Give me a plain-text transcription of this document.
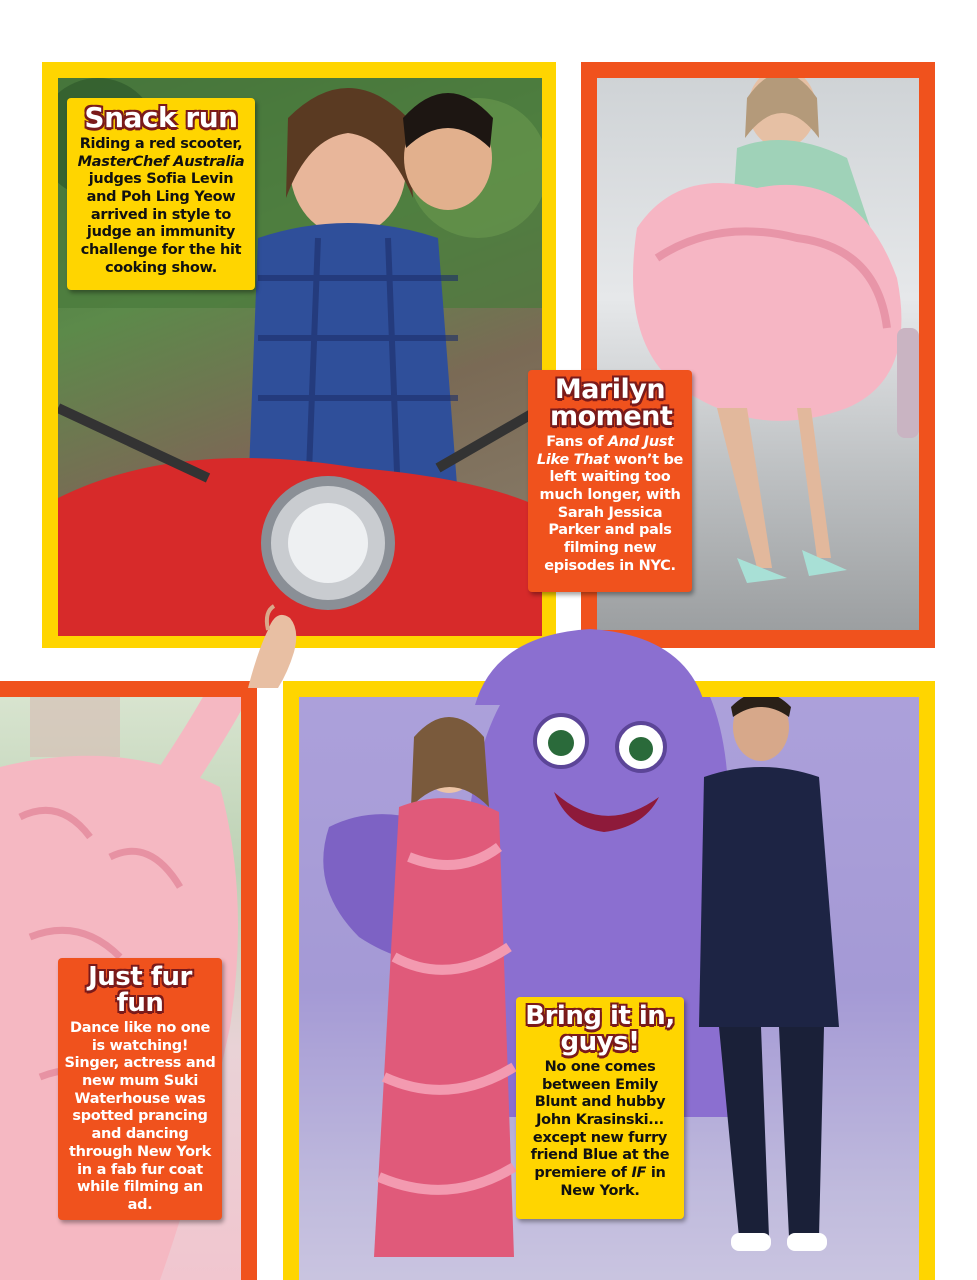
Snack run
Riding a red scooter, MasterChef Australia judges Sofia Levin and Poh Ling Yeow arrived in style to judge an immunity challenge for the hit cooking show.
Marilyn moment
Fans of And Just Like That won’t be left waiting too much longer, with Sarah Jessica Parker and pals filming new episodes in NYC.
Just fur fun
Dance like no one is watching! Singer, actress and new mum Suki Waterhouse was spotted prancing and dancing through New York in a fab fur coat while filming an ad.
Bring it in, guys!
No one comes between Emily Blunt and hubby John Krasinski... except new furry friend Blue at the premiere of IF in New York.
